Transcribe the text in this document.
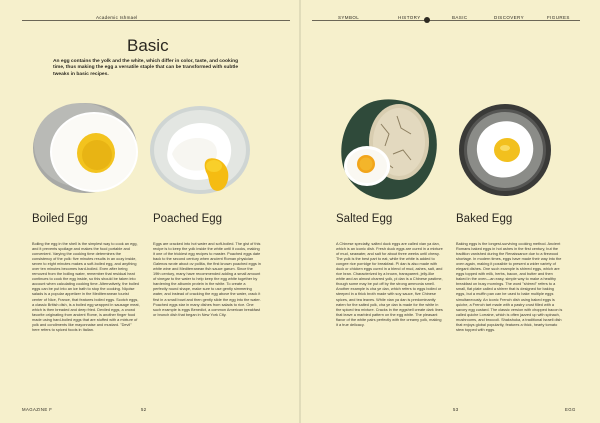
Academic Ishmael	SYMBOL	HISTORY	BASIC	DISCOVERY	FIGURES
Basic
An egg contains the yolk and the white, which differ in color, taste, and cooking time, thus making the egg a versatile staple that can be transformed with subtle tweaks in basic recipes.
Boiled Egg	Poached Egg	Salted Egg	Baked Egg
Boiling the egg in the shell is the simplest way to cook an egg, and it prevents spoilage and makes the food portable and convenient. Varying the cooking time determines the consistency of the yolk: five minutes results in an oozy inside, seven to eight minutes makes a soft-boiled egg, and anything over ten minutes becomes hard-boiled. Even after being removed from the boiling water, remember that residual heat continues to cook the egg inside, so this should be taken into account when calculating cooking time. Alternatively, the boiled eggs can be put into an ice bath to stop the cooking. Niçoise salads is a popular appetizer in the Mediterranean tourist center of Nice, France, that features boiled eggs. Scotch eggs, a classic British dish, is a boiled egg wrapped in sausage meat, which is then breaded and deep fried. Deviled eggs, a crowd favorite originating from ancient Rome, is another finger food made using hard-boiled eggs that are stuffed with a mixture of yolk and condiments like mayonnaise and mustard. "Devil" here refers to spiced foods in Italian.
Eggs are cracked into hot water and soft-boiled. The gist of this recipe is to keep the yolk inside the white until it cooks, making it one of the trickiest egg recipes to master. Poached eggs date back to the second century when ancient Roman physician Galenos wrote about ov pollita, the first known poached eggs in white wine and Mediterranean fish sauce garum. Since the 19th century, many have recommended adding a small amount of vinegar to the water to help keep the egg white together by hardening the albumin protein in the white. To create a perfectly round shape, make sure to use gently simmering water, and instead of cracking the egg above the water, crack it first in a small bowl and then gently slide the egg into the water. Poached eggs star in many dishes from salads to rice. One such example is eggs Benedict, a common American breakfast or brunch dish that began in New York City.
A Chinese specialty, salted duck eggs are called xian ya dan, which is an iconic dish. Fresh duck eggs are cured in a mixture of mud, seawater, and salt for about three weeks until chewy. The yolk is the best part to eat, while the white is added to congee rice porridge for breakfast. Pi dan is also made with duck or chicken eggs cured in a blend of mud, ashes, salt, and rice bran. Characterized by a brown, transparent, jelly-like white and an almost charred yolk, pi dan is a Chinese pastime, though some may be put off by the strong ammonia smell. Another example is cha ye dan, which refers to eggs boiled or steeped in a thick broth made with soy sauce, five Chinese spices, and tea leaves. While xian ya dan is predominantly eaten for the salted yolk, cha ye dan is made for the white in the spiced tea mixture. Cracks in the eggshell create dark lines that leave a marbled pattern on the egg white. The pleasant flavor of the white pairs perfectly with the creamy yolk, making it a true delicacy.
Baking eggs is the longest-surviving cooking method. Ancient Romans baked eggs in hot ashes in the first century, but the tradition vanished during the Renaissance due to a firewood shortage. In modern times, eggs have made their way into the oven again, making it possible to present a wider variety of elegant dishes. One such example is shirred eggs, which are eggs topped with milk, herbs, bacon, and butter and then baked in the oven—an easy, simple way to make a healthy breakfast on busy mornings. The word "shirred" refers to a small, flat plate called a shirrer that is designed for baking eggs, but a muffin pan can be used to bake multiple eggs simultaneously. An iconic French dish using baked eggs is quiche, a French tart made with a pastry crust filled with a savory egg custard. The classic version with chopped bacon is called quiche Lorraine, which is often jazzed up with spinach, mushrooms, and broccoli. Shakshuka, a traditional Israeli dish that enjoys global popularity, features a thick, hearty tomato stew topped with eggs.
MAGAZINE F	52	53	EGG
